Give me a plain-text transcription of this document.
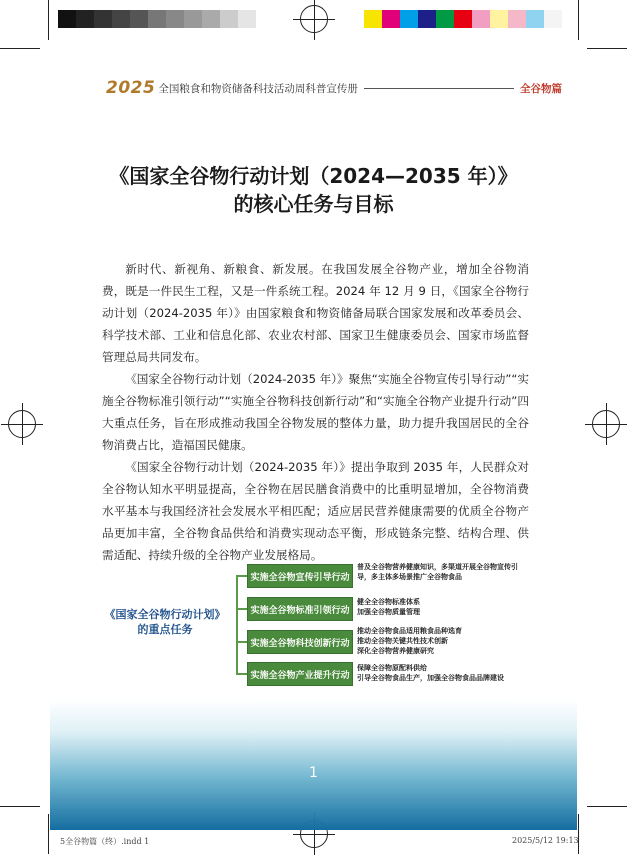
2025 全国粮食和物资储备科技活动周科普宣传册	全谷物篇
《国家全谷物行动计划（2024—2035 年）》
的核心任务与目标

新时代、新视角、新粮食、新发展。在我国发展全谷物产业，增加全谷物消费，既是一件民生工程，又是一件系统工程。2024 年 12 月 9 日，《国家全谷物行动计划（2024-2035 年）》由国家粮食和物资储备局联合国家发展和改革委员会、科学技术部、工业和信息化部、农业农村部、国家卫生健康委员会、国家市场监督管理总局共同发布。

《国家全谷物行动计划（2024-2035 年）》聚焦“实施全谷物宣传引导行动”“实施全谷物标准引领行动”“实施全谷物科技创新行动”和“实施全谷物产业提升行动”四大重点任务，旨在形成推动我国全谷物发展的整体力量，助力提升我国居民的全谷物消费占比，造福国民健康。

《国家全谷物行动计划（2024-2035 年）》提出争取到 2035 年，人民群众对全谷物认知水平明显提高，全谷物在居民膳食消费中的比重明显增加，全谷物消费水平基本与我国经济社会发展水平相匹配；适应居民营养健康需要的优质全谷物产品更加丰富，全谷物食品供给和消费实现动态平衡，形成链条完整、结构合理、供需适配、持续升级的全谷物产业发展格局。

《国家全谷物行动计划》
的重点任务
实施全谷物宣传引导行动
实施全谷物标准引领行动
实施全谷物科技创新行动
实施全谷物产业提升行动
普及全谷物营养健康知识，多渠道开展全谷物宣传引
导，多主体多场景推广全谷物食品
健全全谷物标准体系
加强全谷物质量管理
推动全谷物食品适用粮食品种选育
推动全谷物关键共性技术创新
深化全谷物营养健康研究
保障全谷物原配料供给
引导全谷物食品生产，加强全谷物食品品牌建设
1
5全谷物篇（终）.indd 1	2025/5/12 19:13
